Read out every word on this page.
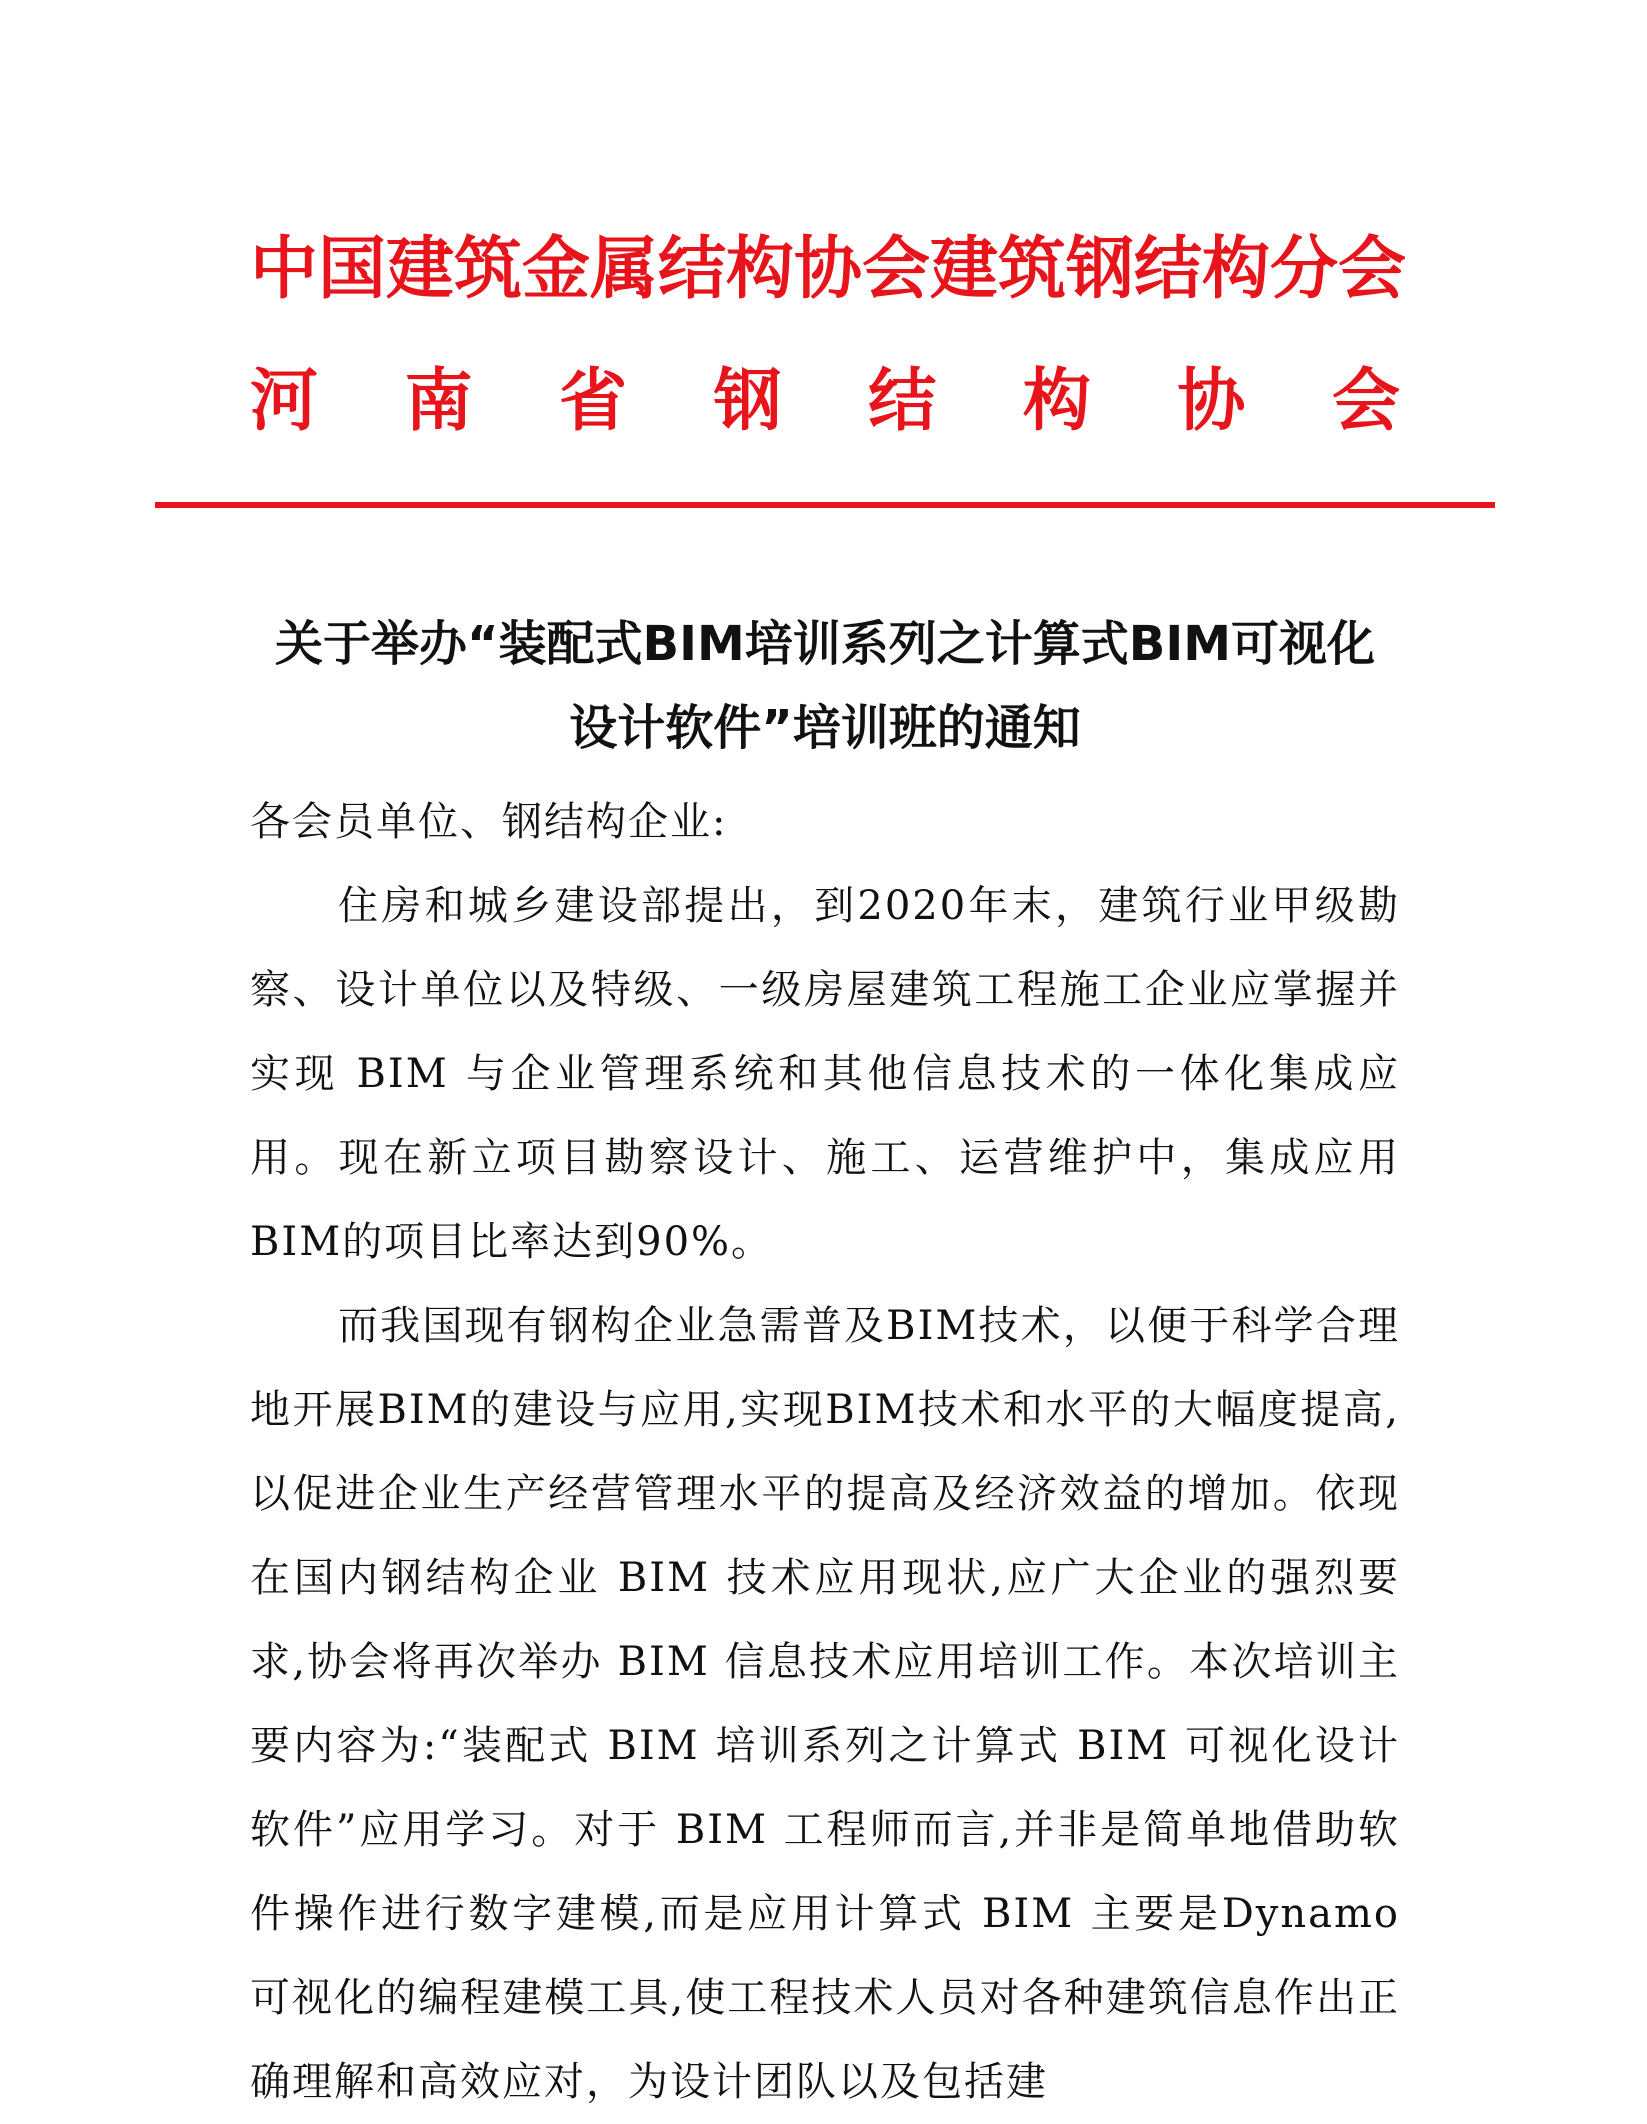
中国建筑金属结构协会建筑钢结构分会
河 南 省 钢 结 构 协 会
关于举办“装配式BIM培训系列之计算式BIM可视化
设计软件”培训班的通知
各会员单位、钢结构企业:

住房和城乡建设部提出，到2020年末，建筑行业甲级勘察、设计单位以及特级、一级房屋建筑工程施工企业应掌握并实现 BIM 与企业管理系统和其他信息技术的一体化集成应用。现在新立项目勘察设计、施工、运营维护中，集成应用BIM的项目比率达到90%。

而我国现有钢构企业急需普及BIM技术，以便于科学合理地开展BIM的建设与应用,实现BIM技术和水平的大幅度提高,以促进企业生产经营管理水平的提高及经济效益的增加。依现在国内钢结构企业 BIM 技术应用现状,应广大企业的强烈要求,协会将再次举办 BIM 信息技术应用培训工作。本次培训主要内容为:“装配式 BIM 培训系列之计算式 BIM 可视化设计软件”应用学习。对于 BIM 工程师而言,并非是简单地借助软件操作进行数字建模,而是应用计算式 BIM 主要是Dynamo可视化的编程建模工具,使工程技术人员对各种建筑信息作出正确理解和高效应对，为设计团队以及包括建
